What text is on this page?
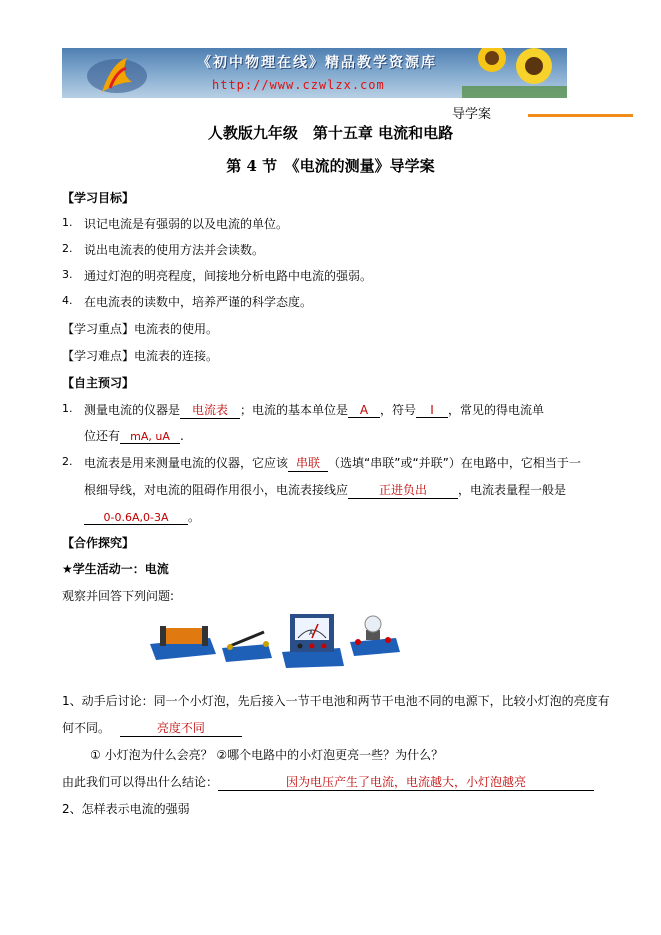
《初中物理在线》精品教学资源库
http://www.czwlzx.com
导学案
人教版九年级　第十五章 电流和电路
第 4 节　《电流的测量》导学案
【学习目标】
1. 识记电流是有强弱的以及电流的单位。
2. 说出电流表的使用方法并会读数。
3. 通过灯泡的明亮程度，间接地分析电路中电流的强弱。
4. 在电流表的读数中，培养严谨的科学态度。
【学习重点】电流表的使用。
【学习难点】电流表的连接。
【自主预习】
1. 测量电流的仪器是 电流表 ；电流的基本单位是 A ，符号 I ，常见的得电流单
位还有 mA, uA .
2. 电流表是用来测量电流的仪器，它应该 串联 （选填“串联”或“并联”）在电路中，它相当于一
根细导线，对电流的阻碍作用很小，电流表接线应	正进负出	，电流表量程一般是
0-0.6A,0-3A 。
【合作探究】
★学生活动一：电流
观察并回答下列问题:
A
1、动手后讨论：同一个小灯泡，先后接入一节干电池和两节干电池不同的电源下，比较小灯泡的亮度有
何不同。	亮度不同
① 小灯泡为什么会亮？ ②哪个电路中的小灯泡更亮一些？为什么？
由此我们可以得出什么结论：	因为电压产生了电流，电流越大，小灯泡越亮
2、怎样表示电流的强弱
